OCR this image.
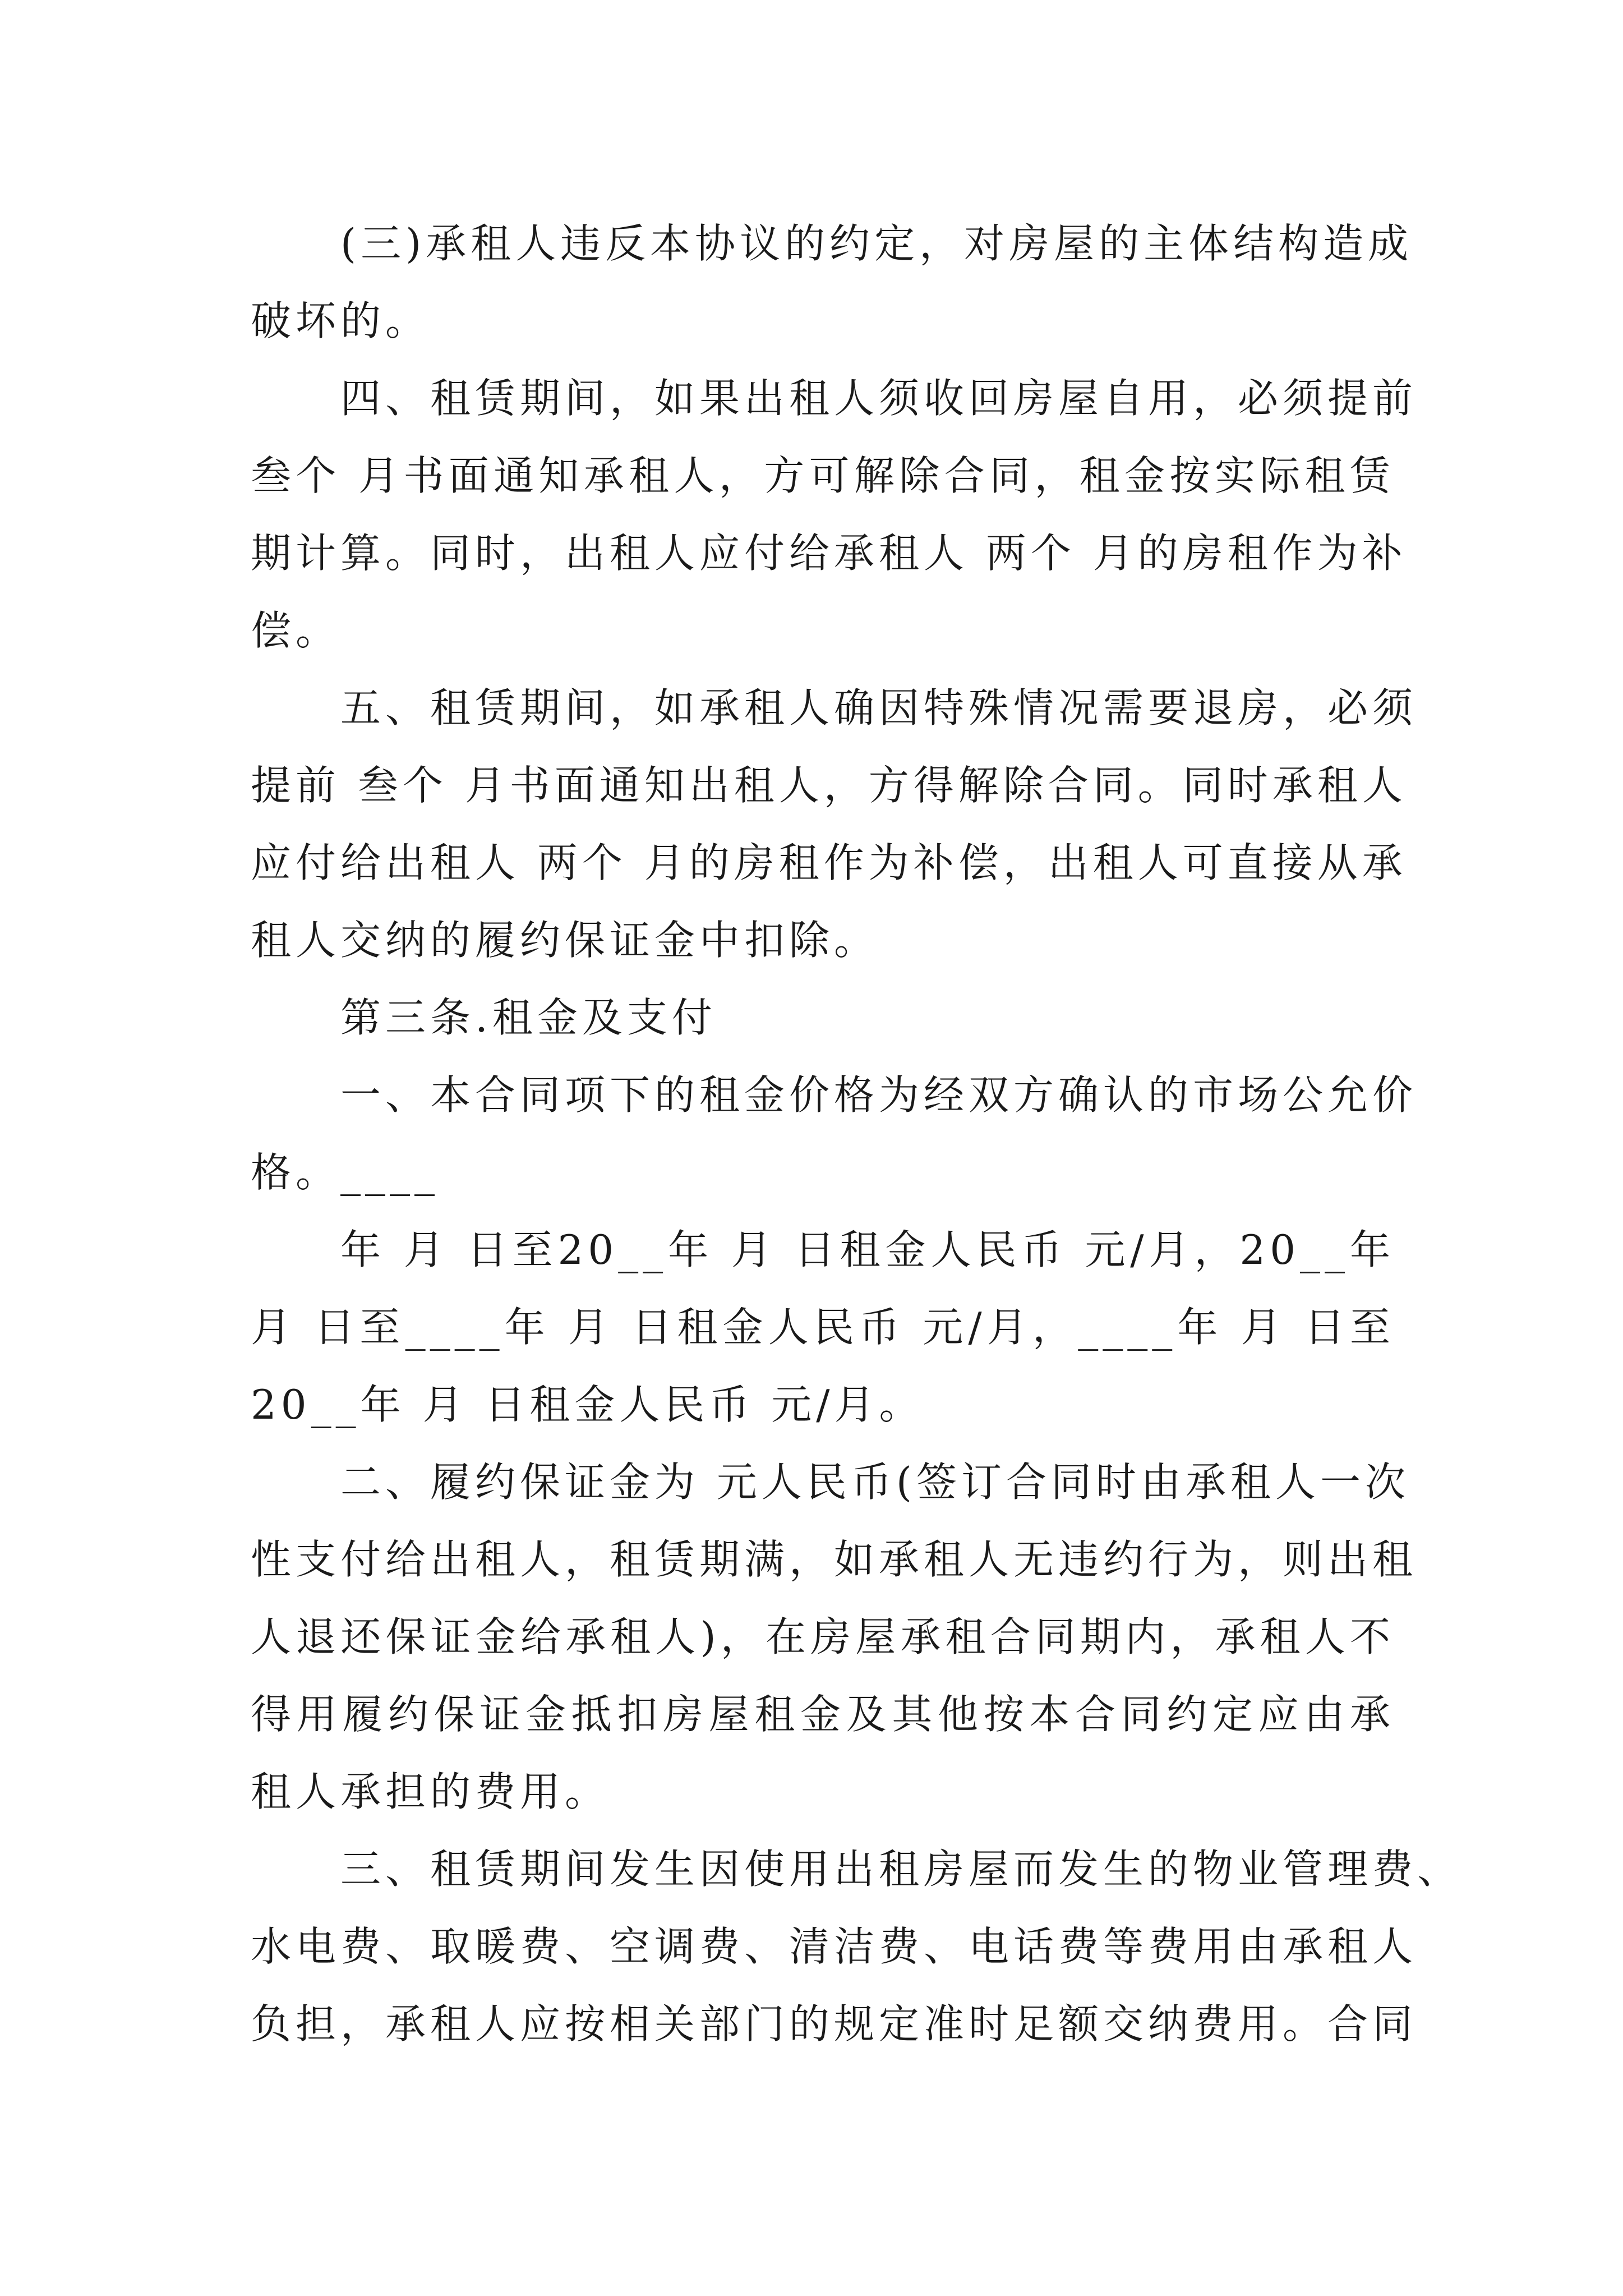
(三)承租人违反本协议的约定，对房屋的主体结构造成
破坏的。
四、租赁期间，如果出租人须收回房屋自用，必须提前
叁个 月书面通知承租人，方可解除合同，租金按实际租赁
期计算。同时，出租人应付给承租人 两个 月的房租作为补
偿。
五、租赁期间，如承租人确因特殊情况需要退房，必须
提前 叁个 月书面通知出租人，方得解除合同。同时承租人
应付给出租人 两个 月的房租作为补偿，出租人可直接从承
租人交纳的履约保证金中扣除。
第三条.租金及支付
一、本合同项下的租金价格为经双方确认的市场公允价
格。____
年 月 日至20__年 月 日租金人民币 元/月，20__年
月 日至____年 月 日租金人民币 元/月，____年 月 日至
20__年 月 日租金人民币 元/月。
二、履约保证金为 元人民币(签订合同时由承租人一次
性支付给出租人，租赁期满，如承租人无违约行为，则出租
人退还保证金给承租人)，在房屋承租合同期内，承租人不
得用履约保证金抵扣房屋租金及其他按本合同约定应由承
租人承担的费用。
三、租赁期间发生因使用出租房屋而发生的物业管理费、
水电费、取暖费、空调费、清洁费、电话费等费用由承租人
负担，承租人应按相关部门的规定准时足额交纳费用。合同
